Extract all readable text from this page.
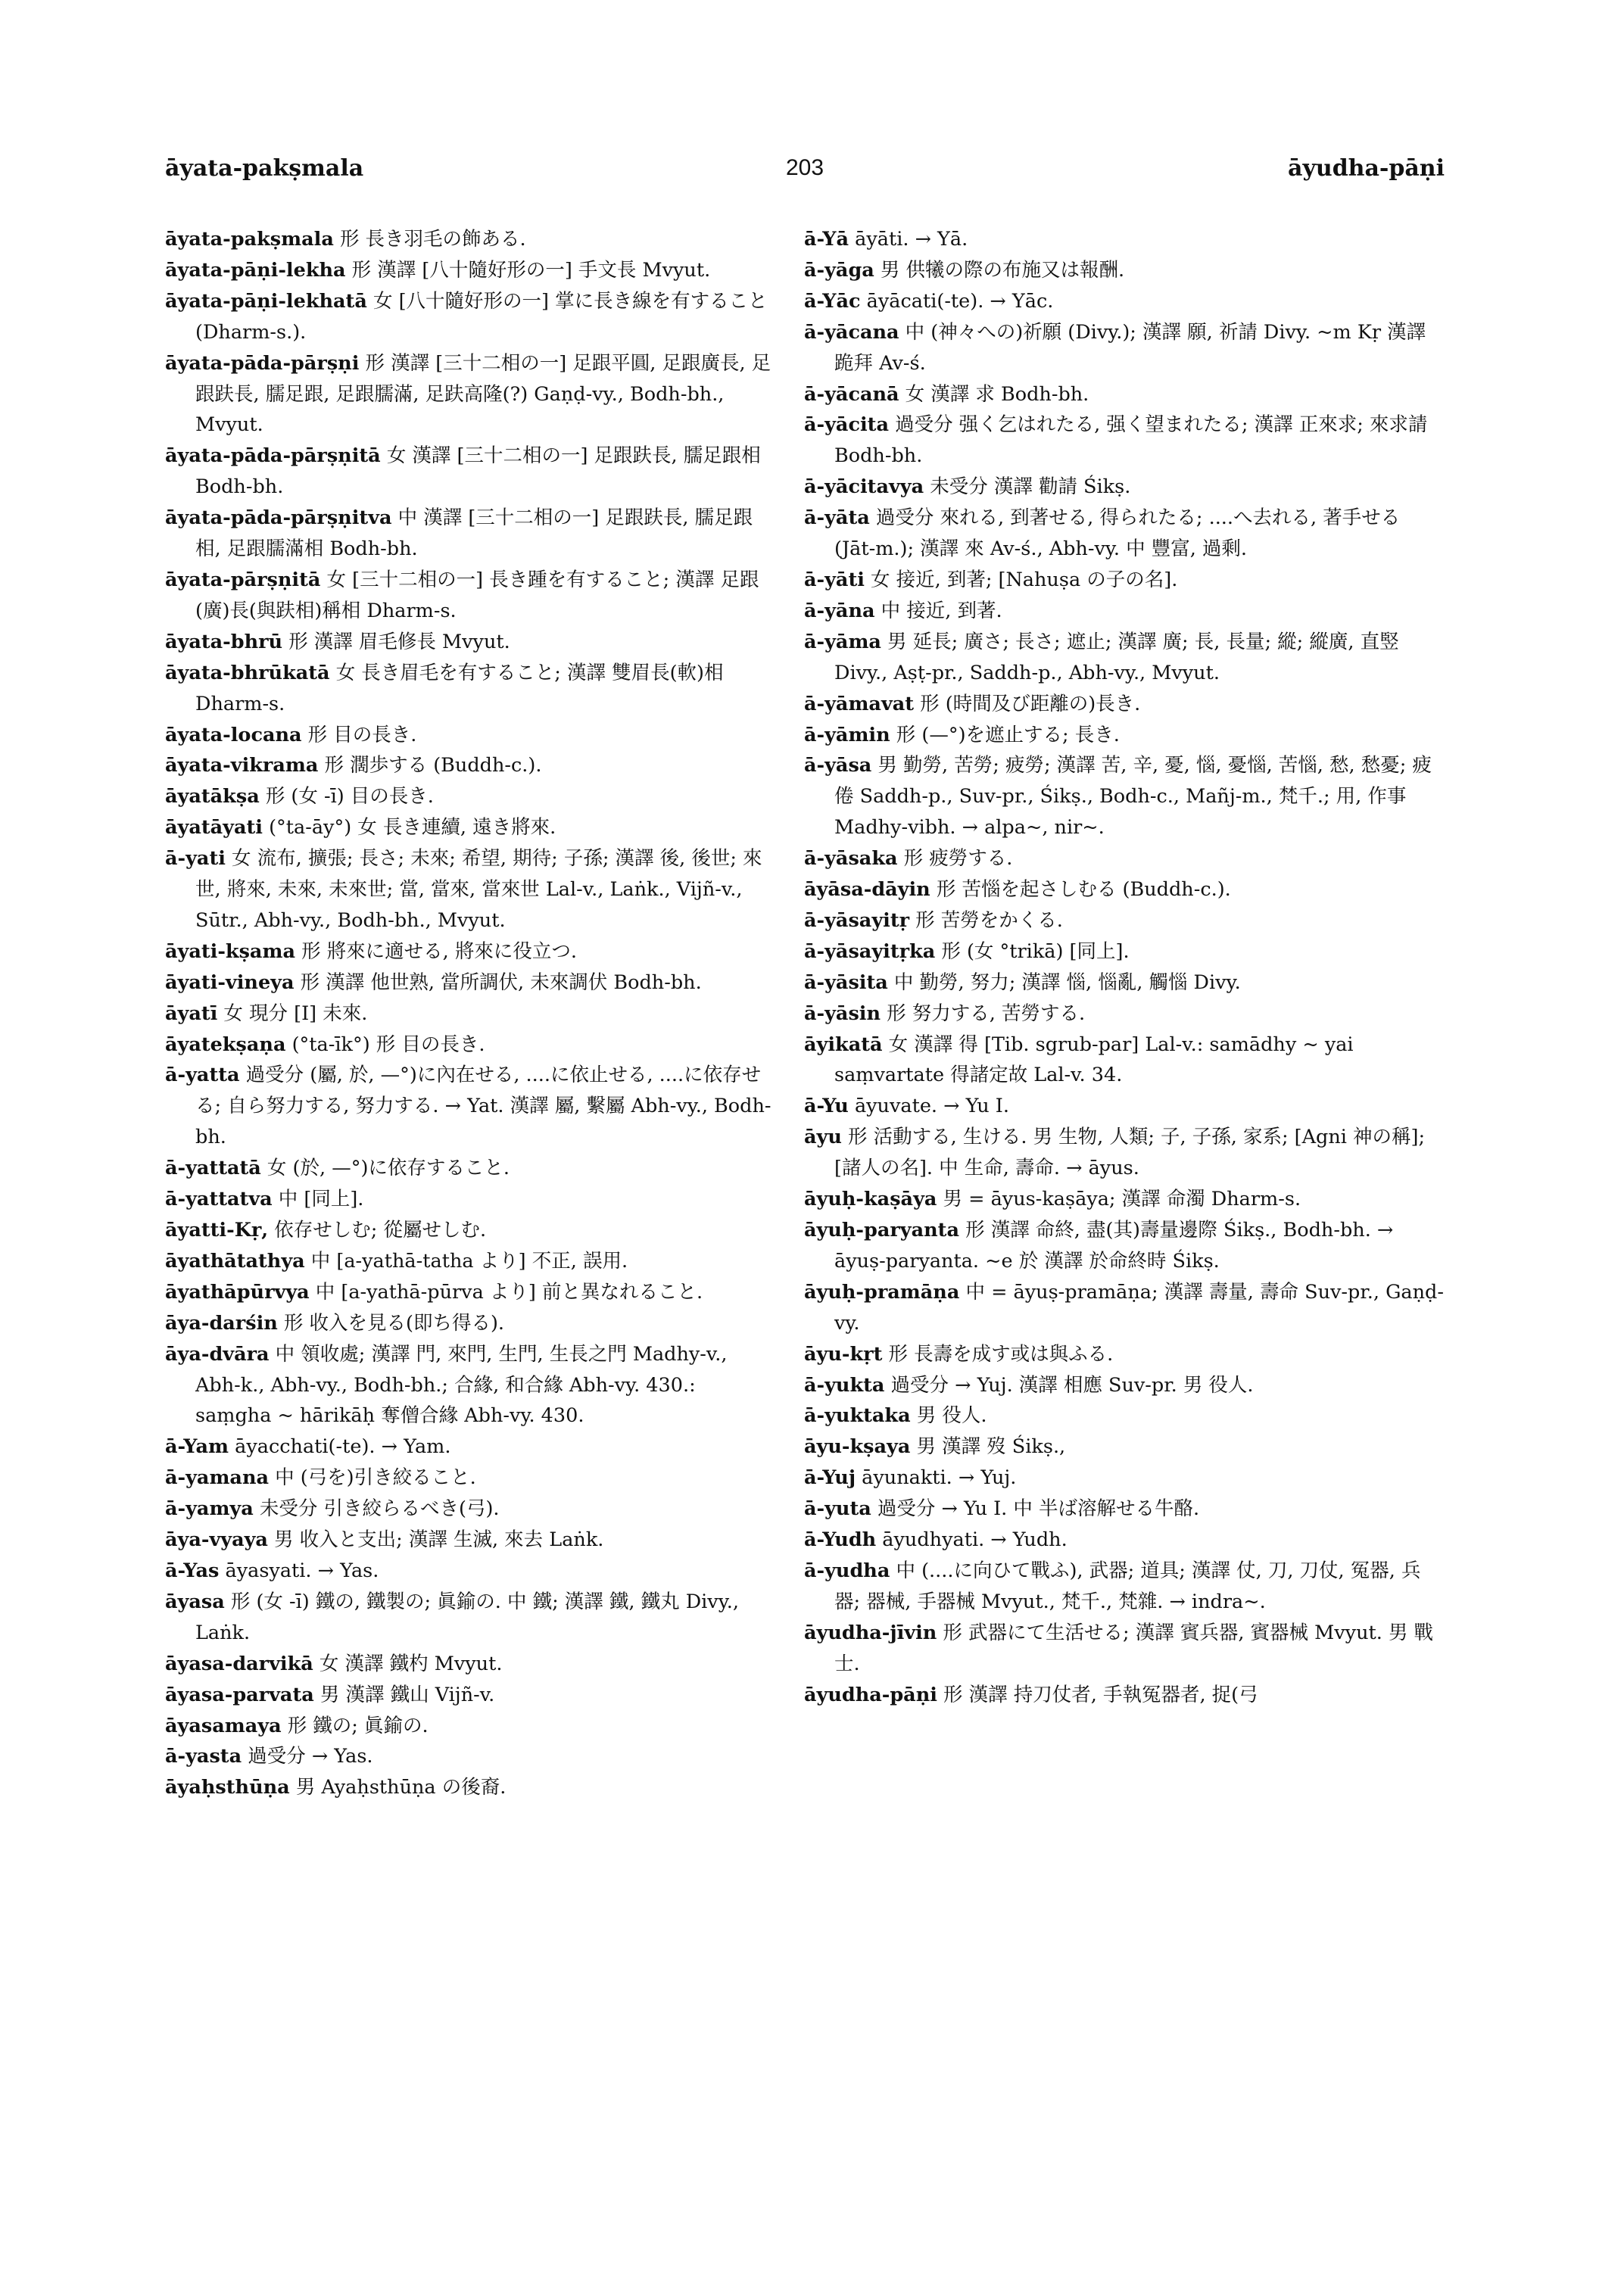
āyata-pakṣmala	203	āyudha-pāṇi
āyata-pakṣmala 形 長き羽毛の飾ある.
āyata-pāṇi-lekha 形 漢譯 [八十隨好形の一] 手文長 Mvyut.
āyata-pāṇi-lekhatā 女 [八十隨好形の一] 掌に長き線を有すること (Dharm-s.).
āyata-pāda-pārṣṇi 形 漢譯 [三十二相の一] 足跟平圓, 足跟廣長, 足跟趺長, 臑足跟, 足跟臑滿, 足趺高隆(?) Gaṇḍ-vy., Bodh-bh., Mvyut.
āyata-pāda-pārṣṇitā 女 漢譯 [三十二相の一] 足跟趺長, 臑足跟相 Bodh-bh.
āyata-pāda-pārṣṇitva 中 漢譯 [三十二相の一] 足跟趺長, 臑足跟相, 足跟臑滿相 Bodh-bh.
āyata-pārṣṇitā 女 [三十二相の一] 長き踵を有すること; 漢譯 足跟(廣)長(與趺相)稱相 Dharm-s.
āyata-bhrū 形 漢譯 眉毛修長 Mvyut.
āyata-bhrūkatā 女 長き眉毛を有すること; 漢譯 雙眉長(軟)相 Dharm-s.
āyata-locana 形 目の長き.
āyata-vikrama 形 濶歩する (Buddh-c.).
āyatākṣa 形 (女 -ī) 目の長き.
āyatāyati (°ta-āy°) 女 長き連續, 遠き將來.
ā-yati 女 流布, 擴張; 長さ; 未來; 希望, 期待; 子孫; 漢譯 後, 後世; 來世, 將來, 未來, 未來世; 當, 當來, 當來世 Lal-v., Laṅk., Vijñ-v., Sūtr., Abh-vy., Bodh-bh., Mvyut.
āyati-kṣama 形 將來に適せる, 將來に役立つ.
āyati-vineya 形 漢譯 他世熟, 當所調伏, 未來調伏 Bodh-bh.
āyatī 女 現分 [I] 未來.
āyatekṣaṇa (°ta-īk°) 形 目の長き.
ā-yatta 過受分 (屬, 於, —°)に內在せる, ....に依止せる, ....に依存せる; 自ら努力する, 努力する. → Yat. 漢譯 屬, 繫屬 Abh-vy., Bodh-bh.
ā-yattatā 女 (於, —°)に依存すること.
ā-yattatva 中 [同上].
āyatti-Kṛ, 依存せしむ; 從屬せしむ.
āyathātathya 中 [a-yathā-tatha より] 不正, 誤用.
āyathāpūrvya 中 [a-yathā-pūrva より] 前と異なれること.
āya-darśin 形 收入を見る(即ち得る).
āya-dvāra 中 領收處; 漢譯 門, 來門, 生門, 生長之門 Madhy-v., Abh-k., Abh-vy., Bodh-bh.; 合緣, 和合緣 Abh-vy. 430.: saṃgha ~ hārikāḥ 奪僧合緣 Abh-vy. 430.
ā-Yam āyacchati(-te). → Yam.
ā-yamana 中 (弓を)引き絞ること.
ā-yamya 未受分 引き絞らるべき(弓).
āya-vyaya 男 收入と支出; 漢譯 生滅, 來去 Laṅk.
ā-Yas āyasyati. → Yas.
āyasa 形 (女 -ī) 鐵の, 鐵製の; 眞鍮の. 中 鐵; 漢譯 鐵, 鐵丸 Divy., Laṅk.
āyasa-darvikā 女 漢譯 鐵杓 Mvyut.
āyasa-parvata 男 漢譯 鐵山 Vijñ-v.
āyasamaya 形 鐵の; 眞鍮の.
ā-yasta 過受分 → Yas.
āyaḥsthūṇa 男 Ayaḥsthūṇa の後裔.
ā-Yā āyāti. → Yā.
ā-yāga 男 供犧の際の布施又は報酬.
ā-Yāc āyācati(-te). → Yāc.
ā-yācana 中 (神々への)祈願 (Divy.); 漢譯 願, 祈請 Divy. ~m Kṛ 漢譯 跪拜 Av-ś.
ā-yācanā 女 漢譯 求 Bodh-bh.
ā-yācita 過受分 强く乞はれたる, 强く望まれたる; 漢譯 正來求; 來求請 Bodh-bh.
ā-yācitavya 未受分 漢譯 勸請 Śikṣ.
ā-yāta 過受分 來れる, 到著せる, 得られたる; ....へ去れる, 著手せる (Jāt-m.); 漢譯 來 Av-ś., Abh-vy. 中 豐富, 過剩.
ā-yāti 女 接近, 到著; [Nahuṣa の子の名].
ā-yāna 中 接近, 到著.
ā-yāma 男 延長; 廣さ; 長さ; 遮止; 漢譯 廣; 長, 長量; 縱; 縱廣, 直竪 Divy., Aṣṭ-pr., Saddh-p., Abh-vy., Mvyut.
ā-yāmavat 形 (時間及び距離の)長き.
ā-yāmin 形 (—°)を遮止する; 長き.
ā-yāsa 男 勤勞, 苦勞; 疲勞; 漢譯 苦, 辛, 憂, 惱, 憂惱, 苦惱, 愁, 愁憂; 疲倦 Saddh-p., Suv-pr., Śikṣ., Bodh-c., Mañj-m., 梵千.; 用, 作事 Madhy-vibh. → alpa~, nir~.
ā-yāsaka 形 疲勞する.
āyāsa-dāyin 形 苦惱を起さしむる (Buddh-c.).
ā-yāsayitṛ 形 苦勞をかくる.
ā-yāsayitṛka 形 (女 °trikā) [同上].
ā-yāsita 中 勤勞, 努力; 漢譯 惱, 惱亂, 觸惱 Divy.
ā-yāsin 形 努力する, 苦勞する.
āyikatā 女 漢譯 得 [Tib. sgrub-par] Lal-v.: samādhy ~ yai saṃvartate 得諸定故 Lal-v. 34.
ā-Yu āyuvate. → Yu I.
āyu 形 活動する, 生ける. 男 生物, 人類; 子, 子孫, 家系; [Agni 神の稱]; [諸人の名]. 中 生命, 壽命. → āyus.
āyuḥ-kaṣāya 男 = āyus-kaṣāya; 漢譯 命濁 Dharm-s.
āyuḥ-paryanta 形 漢譯 命終, 盡(其)壽量邊際 Śikṣ., Bodh-bh. → āyuṣ-paryanta. ~e 於 漢譯 於命終時 Śikṣ.
āyuḥ-pramāṇa 中 = āyuṣ-pramāṇa; 漢譯 壽量, 壽命 Suv-pr., Gaṇḍ-vy.
āyu-kṛt 形 長壽を成す或は與ふる.
ā-yukta 過受分 → Yuj. 漢譯 相應 Suv-pr. 男 役人.
ā-yuktaka 男 役人.
āyu-kṣaya 男 漢譯 歿 Śikṣ.,
ā-Yuj āyunakti. → Yuj.
ā-yuta 過受分 → Yu I. 中 半ば溶解せる牛酪.
ā-Yudh āyudhyati. → Yudh.
ā-yudha 中 (....に向ひて戰ふ), 武器; 道具; 漢譯 仗, 刀, 刀仗, 冤器, 兵器; 器械, 手器械 Mvyut., 梵千., 梵雜. → indra~.
āyudha-jīvin 形 武器にて生活せる; 漢譯 賓兵器, 賓器械 Mvyut. 男 戰士.
āyudha-pāṇi 形 漢譯 持刀仗者, 手執冤器者, 捉(弓
